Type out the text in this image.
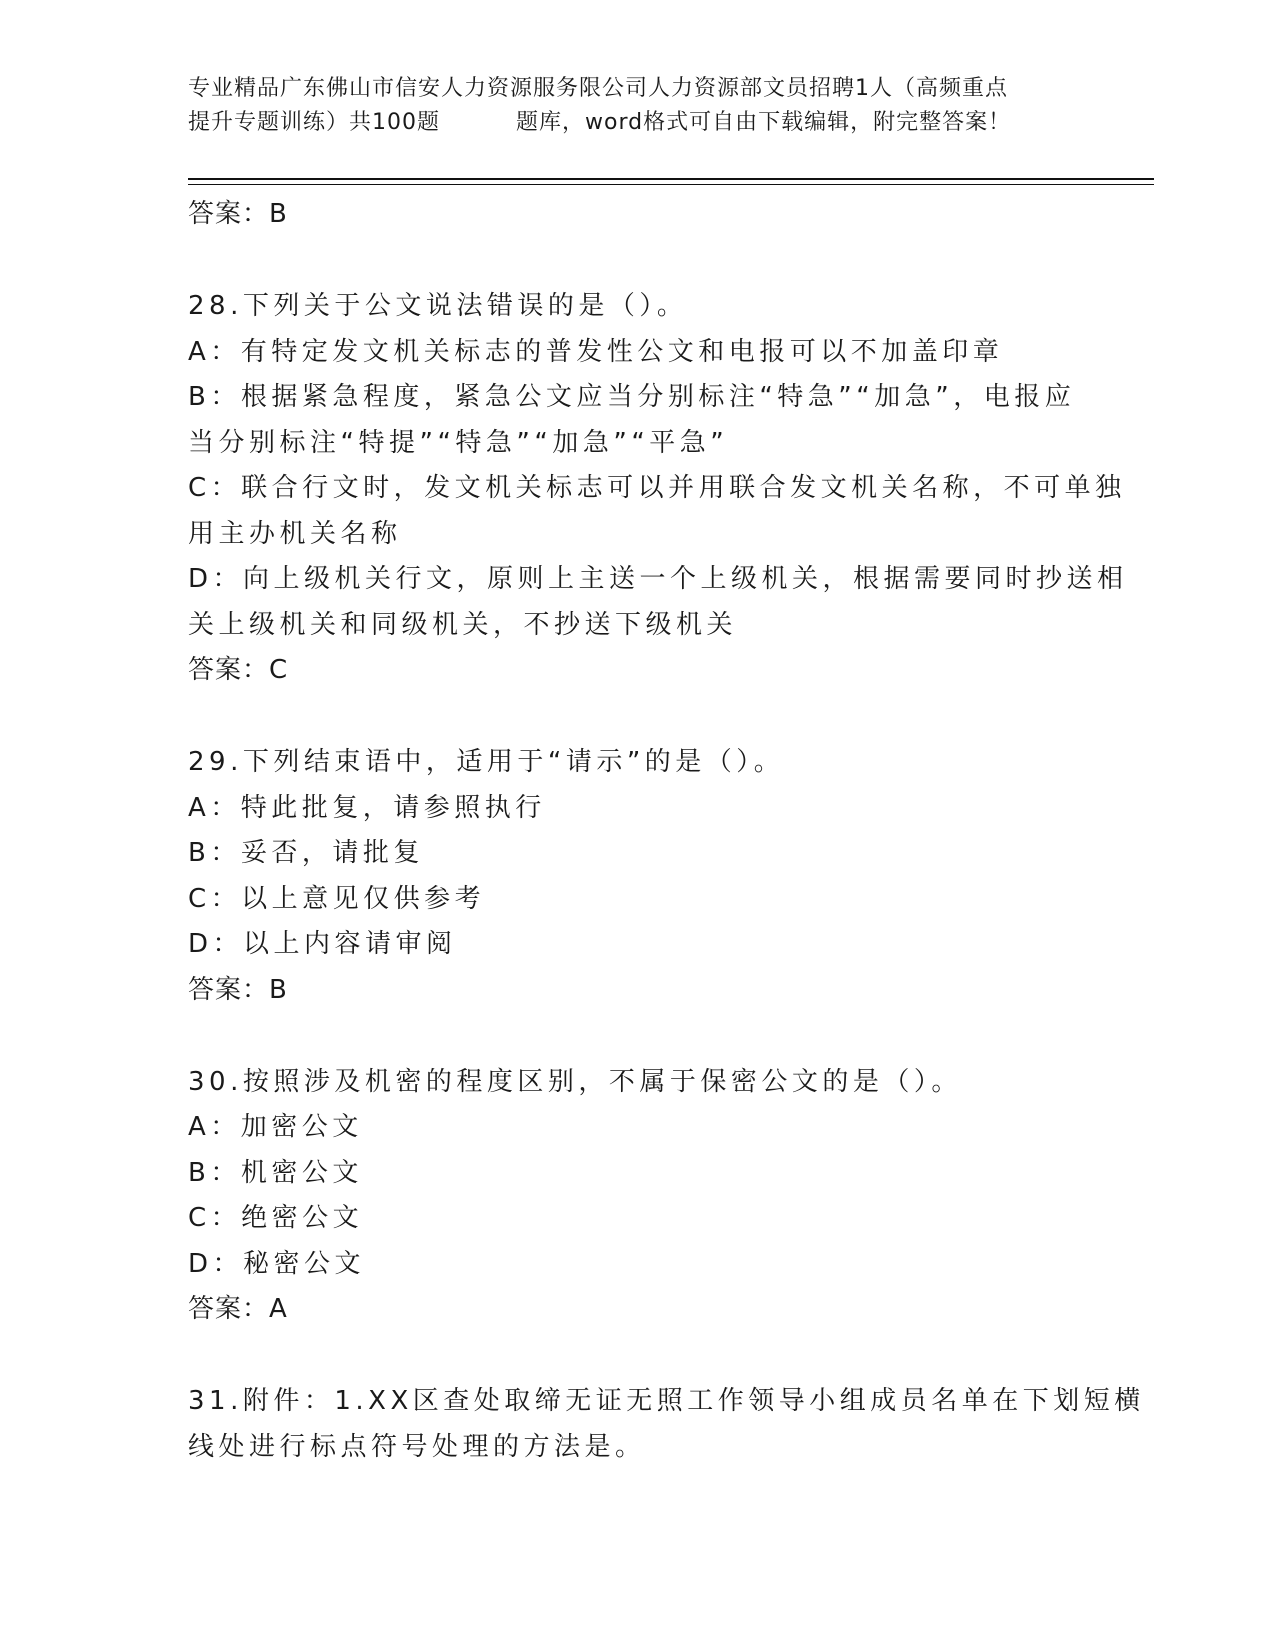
专业精品广东佛山市信安人力资源服务限公司人力资源部文员招聘1人（高频重点
提升专题训练）共100题	题库，word格式可自由下载编辑，附完整答案！

答案：B

28.下列关于公文说法错误的是（）。

A：有特定发文机关标志的普发性公文和电报可以不加盖印章

B：根据紧急程度，紧急公文应当分别标注“特急”“加急”，电报应

当分别标注“特提”“特急”“加急”“平急”

C：联合行文时，发文机关标志可以并用联合发文机关名称，不可单独

用主办机关名称

D：向上级机关行文，原则上主送一个上级机关，根据需要同时抄送相

关上级机关和同级机关，不抄送下级机关

答案：C

29.下列结束语中，适用于“请示”的是（）。

A：特此批复，请参照执行

B：妥否，请批复

C：以上意见仅供参考

D：以上内容请审阅

答案：B

30.按照涉及机密的程度区别，不属于保密公文的是（）。

A：加密公文

B：机密公文

C：绝密公文

D：秘密公文

答案：A

31.附件：1.XX区查处取缔无证无照工作领导小组成员名单在下划短横

线处进行标点符号处理的方法是。
